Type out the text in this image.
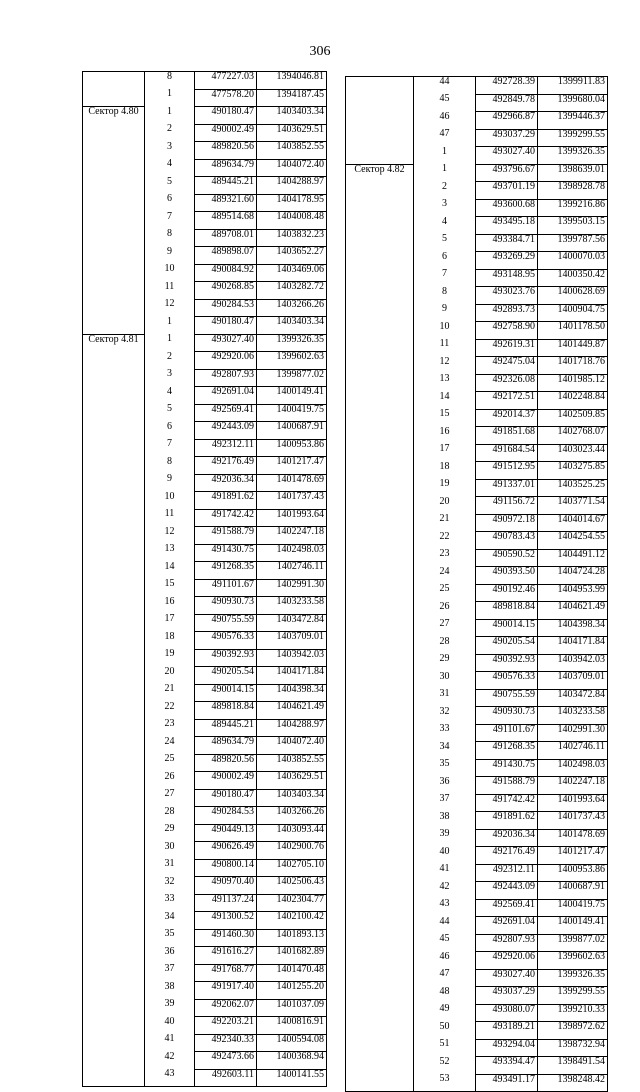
306
	8	477227.03	1394046.81
	1	477578.20	1394187.45
Сектор 4.80	1	490180.47	1403403.34
	2	490002.49	1403629.51
	3	489820.56	1403852.55
	4	489634.79	1404072.40
	5	489445.21	1404288.97
	6	489321.60	1404178.95
	7	489514.68	1404008.48
	8	489708.01	1403832.23
	9	489898.07	1403652.27
	10	490084.92	1403469.06
	11	490268.85	1403282.72
	12	490284.53	1403266.26
	1	490180.47	1403403.34
Сектор 4.81	1	493027.40	1399326.35
	2	492920.06	1399602.63
	3	492807.93	1399877.02
	4	492691.04	1400149.41
	5	492569.41	1400419.75
	6	492443.09	1400687.91
	7	492312.11	1400953.86
	8	492176.49	1401217.47
	9	492036.34	1401478.69
	10	491891.62	1401737.43
	11	491742.42	1401993.64
	12	491588.79	1402247.18
	13	491430.75	1402498.03
	14	491268.35	1402746.11
	15	491101.67	1402991.30
	16	490930.73	1403233.58
	17	490755.59	1403472.84
	18	490576.33	1403709.01
	19	490392.93	1403942.03
	20	490205.54	1404171.84
	21	490014.15	1404398.34
	22	489818.84	1404621.49
	23	489445.21	1404288.97
	24	489634.79	1404072.40
	25	489820.56	1403852.55
	26	490002.49	1403629.51
	27	490180.47	1403403.34
	28	490284.53	1403266.26
	29	490449.13	1403093.44
	30	490626.49	1402900.76
	31	490800.14	1402705.10
	32	490970.40	1402506.43
	33	491137.24	1402304.77
	34	491300.52	1402100.42
	35	491460.30	1401893.13
	36	491616.27	1401682.89
	37	491768.77	1401470.48
	38	491917.40	1401255.20
	39	492062.07	1401037.09
	40	492203.21	1400816.91
	41	492340.33	1400594.08
	42	492473.66	1400368.94
	43	492603.11	1400141.55
	44	492728.39	1399911.83
	45	492849.78	1399680.04
	46	492966.87	1399446.37
	47	493037.29	1399299.55
	1	493027.40	1399326.35
Сектор 4.82	1	493796.67	1398639.01
	2	493701.19	1398928.78
	3	493600.68	1399216.86
	4	493495.18	1399503.15
	5	493384.71	1399787.56
	6	493269.29	1400070.03
	7	493148.95	1400350.42
	8	493023.76	1400628.69
	9	492893.73	1400904.75
	10	492758.90	1401178.50
	11	492619.31	1401449.87
	12	492475.04	1401718.76
	13	492326.08	1401985.12
	14	492172.51	1402248.84
	15	492014.37	1402509.85
	16	491851.68	1402768.07
	17	491684.54	1403023.44
	18	491512.95	1403275.85
	19	491337.01	1403525.25
	20	491156.72	1403771.54
	21	490972.18	1404014.67
	22	490783.43	1404254.55
	23	490590.52	1404491.12
	24	490393.50	1404724.28
	25	490192.46	1404953.99
	26	489818.84	1404621.49
	27	490014.15	1404398.34
	28	490205.54	1404171.84
	29	490392.93	1403942.03
	30	490576.33	1403709.01
	31	490755.59	1403472.84
	32	490930.73	1403233.58
	33	491101.67	1402991.30
	34	491268.35	1402746.11
	35	491430.75	1402498.03
	36	491588.79	1402247.18
	37	491742.42	1401993.64
	38	491891.62	1401737.43
	39	492036.34	1401478.69
	40	492176.49	1401217.47
	41	492312.11	1400953.86
	42	492443.09	1400687.91
	43	492569.41	1400419.75
	44	492691.04	1400149.41
	45	492807.93	1399877.02
	46	492920.06	1399602.63
	47	493027.40	1399326.35
	48	493037.29	1399299.55
	49	493080.07	1399210.33
	50	493189.21	1398972.62
	51	493294.04	1398732.94
	52	493394.47	1398491.54
	53	493491.17	1398248.42
